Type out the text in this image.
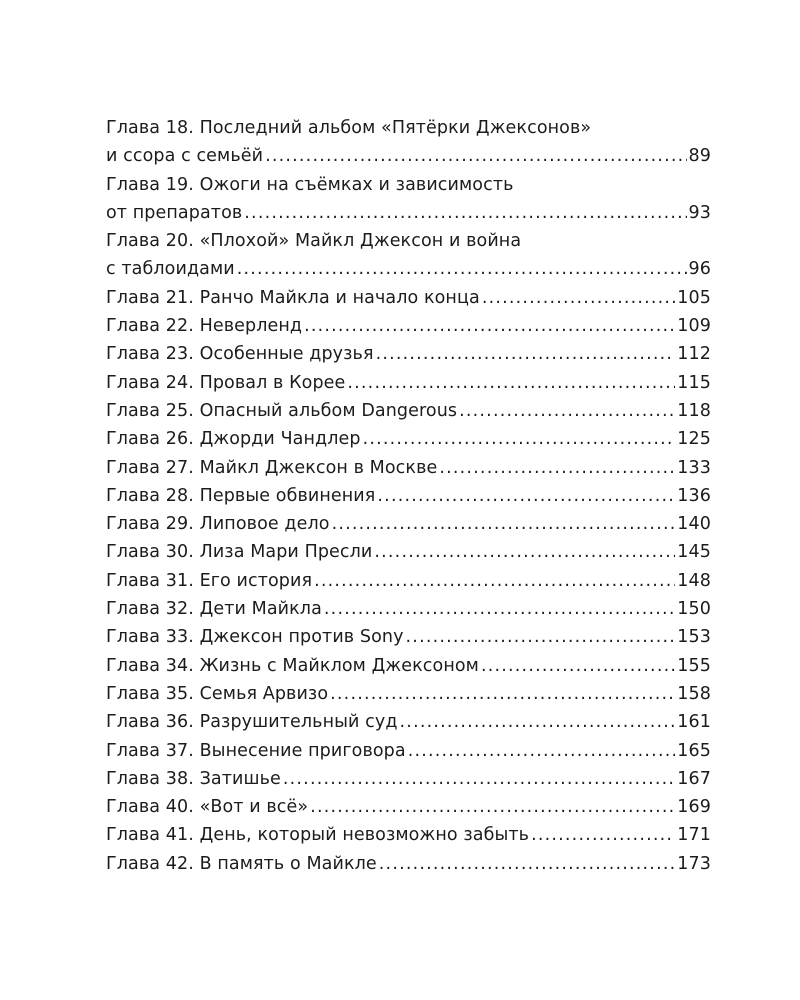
Глава 18. Последний альбом «Пятёрки Джексонов»
и ссора с семьёй .....	89
Глава 19. Ожоги на съёмках и зависимость
от препаратов .....	93
Глава 20. «Плохой» Майкл Джексон и война
с таблоидами .....	96
Глава 21. Ранчо Майкла и начало конца .....	105
Глава 22. Неверленд .....	109
Глава 23. Особенные друзья .....	112
Глава 24. Провал в Корее .....	115
Глава 25. Опасный альбом Dangerous .....	118
Глава 26. Джорди Чандлер .....	125
Глава 27. Майкл Джексон в Москве .....	133
Глава 28. Первые обвинения .....	136
Глава 29. Липовое дело .....	140
Глава 30. Лиза Мари Пресли .....	145
Глава 31. Его история .....	148
Глава 32. Дети Майкла .....	150
Глава 33. Джексон против Sony .....	153
Глава 34. Жизнь с Майклом Джексоном .....	155
Глава 35. Семья Арвизо .....	158
Глава 36. Разрушительный суд .....	161
Глава 37. Вынесение приговора .....	165
Глава 38. Затишье .....	167
Глава 40. «Вот и всё» .....	169
Глава 41. День, который невозможно забыть .....	171
Глава 42. В память о Майкле .....	173
